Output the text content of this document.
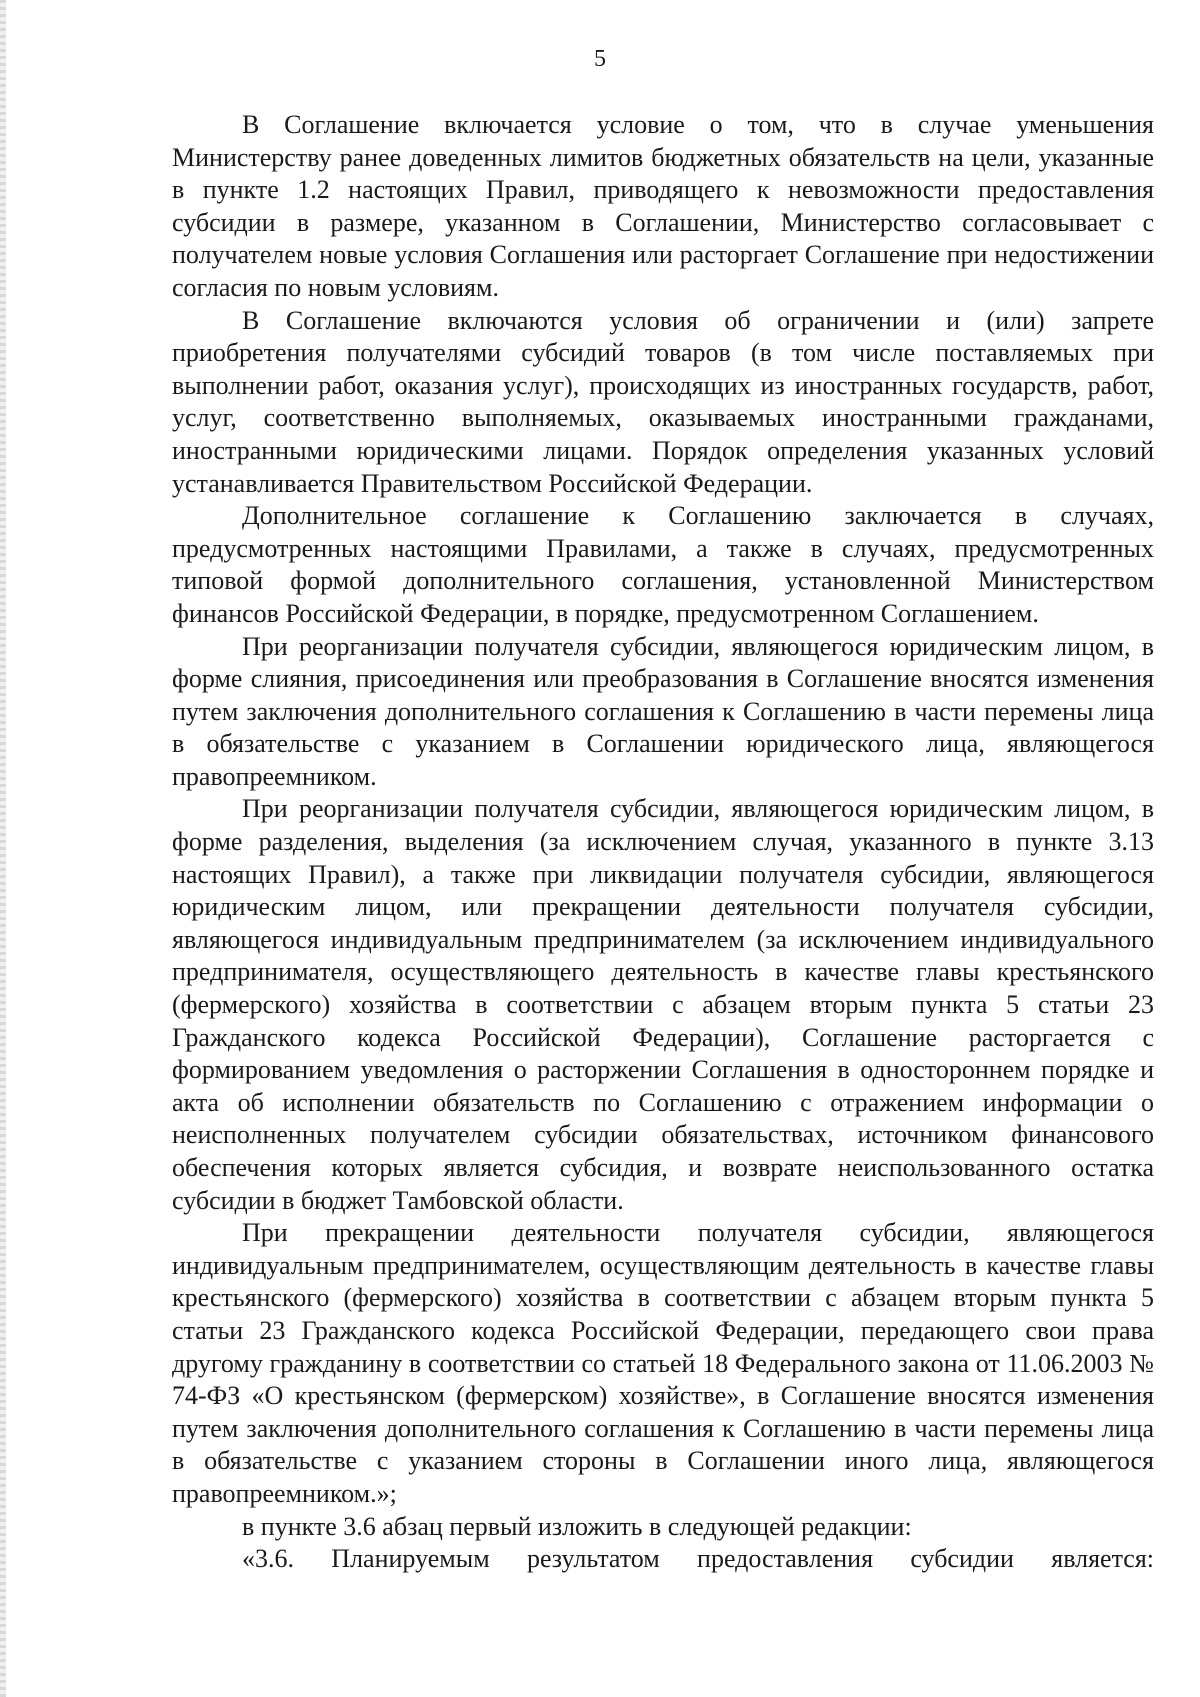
5

В Соглашение включается условие о том, что в случае уменьшения Министерству ранее доведенных лимитов бюджетных обязательств на цели, указанные в пункте 1.2 настоящих Правил, приводящего к невозможности предоставления субсидии в размере, указанном в Соглашении, Министерство согласовывает с получателем новые условия Соглашения или расторгает Соглашение при недостижении согласия по новым условиям.

В Соглашение включаются условия об ограничении и (или) запрете приобретения получателями субсидий товаров (в том числе поставляемых при выполнении работ, оказания услуг), происходящих из иностранных государств, работ, услуг, соответственно выполняемых, оказываемых иностранными гражданами, иностранными юридическими лицами. Порядок определения указанных условий устанавливается Правительством Российской Федерации.

Дополнительное соглашение к Соглашению заключается в случаях, предусмотренных настоящими Правилами, а также в случаях, предусмотренных типовой формой дополнительного соглашения, установленной Министерством финансов Российской Федерации, в порядке, предусмотренном Соглашением.

При реорганизации получателя субсидии, являющегося юридическим лицом, в форме слияния, присоединения или преобразования в Соглашение вносятся изменения путем заключения дополнительного соглашения к Соглашению в части перемены лица в обязательстве с указанием в Соглашении юридического лица, являющегося правопреемником.

При реорганизации получателя субсидии, являющегося юридическим лицом, в форме разделения, выделения (за исключением случая, указанного в пункте 3.13 настоящих Правил), а также при ликвидации получателя субсидии, являющегося юридическим лицом, или прекращении деятельности получателя субсидии, являющегося индивидуальным предпринимателем (за исключением индивидуального предпринимателя, осуществляющего деятельность в качестве главы крестьянского (фермерского) хозяйства в соответствии с абзацем вторым пункта 5 статьи 23 Гражданского кодекса Российской Федерации), Соглашение расторгается с формированием уведомления о расторжении Соглашения в одностороннем порядке и акта об исполнении обязательств по Соглашению с отражением информации о неисполненных получателем субсидии обязательствах, источником финансового обеспечения которых является субсидия, и возврате неиспользованного остатка субсидии в бюджет Тамбовской области.

При прекращении деятельности получателя субсидии, являющегося индивидуальным предпринимателем, осуществляющим деятельность в качестве главы крестьянского (фермерского) хозяйства в соответствии с абзацем вторым пункта 5 статьи 23 Гражданского кодекса Российской Федерации, передающего свои права другому гражданину в соответствии со статьей 18 Федерального закона от 11.06.2003 № 74-ФЗ «О крестьянском (фермерском) хозяйстве», в Соглашение вносятся изменения путем заключения дополнительного соглашения к Соглашению в части перемены лица в обязательстве с указанием стороны в Соглашении иного лица, являющегося правопреемником.»;

в пункте 3.6 абзац первый изложить в следующей редакции:

«3.6. Планируемым результатом предоставления субсидии является:
